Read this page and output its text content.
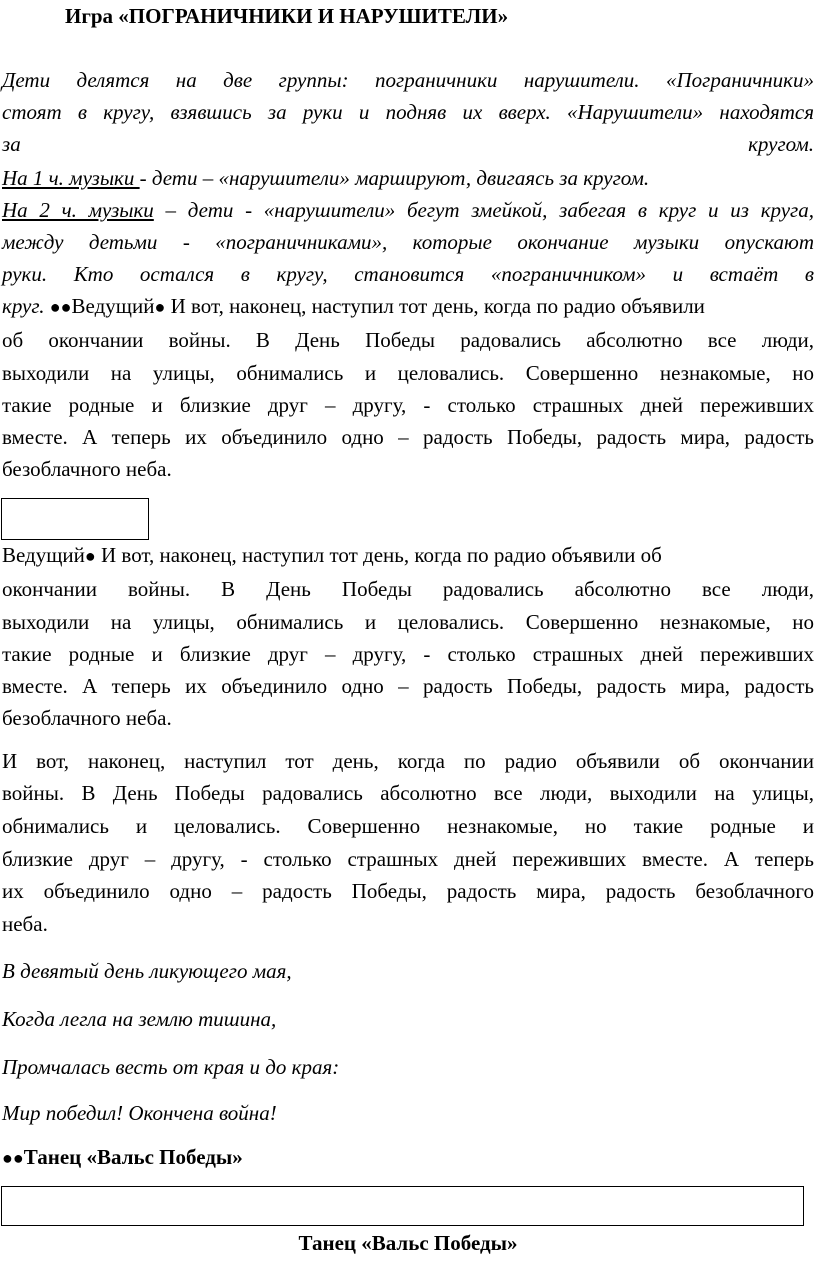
Игра «ПОГРАНИЧНИКИ И НАРУШИТЕЛИ»
Дети делятся на две группы: пограничники нарушители. «Пограничники»
стоят в кругу, взявшись за руки и подняв их вверх. «Нарушители» находятся
за	кругом.
На 1 ч. музыки - дети – «нарушители» маршируют, двигаясь за кругом.
На 2 ч. музыки – дети - «нарушители» бегут змейкой, забегая в круг и из круга,
между детьми - «пограничниками», которые окончание музыки опускают
руки. Кто остался в кругу, становится «пограничником» и встаёт в
круг. ●●Ведущий● И вот, наконец, наступил тот день, когда по радио объявили
об окончании войны. В День Победы радовались абсолютно все люди,
выходили на улицы, обнимались и целовались. Совершенно незнакомые, но
такие родные и близкие друг – другу, - столько страшных дней переживших
вместе. А теперь их объединило одно – радость Победы, радость мира, радость
безоблачного неба.
Ведущий● И вот, наконец, наступил тот день, когда по радио объявили об
окончании войны. В День Победы радовались абсолютно все люди,
выходили на улицы, обнимались и целовались. Совершенно незнакомые, но
такие родные и близкие друг – другу, - столько страшных дней переживших
вместе. А теперь их объединило одно – радость Победы, радость мира, радость
безоблачного неба.
И вот, наконец, наступил тот день, когда по радио объявили об окончании
войны. В День Победы радовались абсолютно все люди, выходили на улицы,
обнимались и целовались. Совершенно незнакомые, но такие родные и
близкие друг – другу, - столько страшных дней переживших вместе. А теперь
их объединило одно – радость Победы, радость мира, радость безоблачного
неба.
В девятый день ликующего мая,
Когда легла на землю тишина,
Промчалась весть от края и до края:
Мир победил! Окончена война!
●●Танец «Вальс Победы»
Танец «Вальс Победы»
